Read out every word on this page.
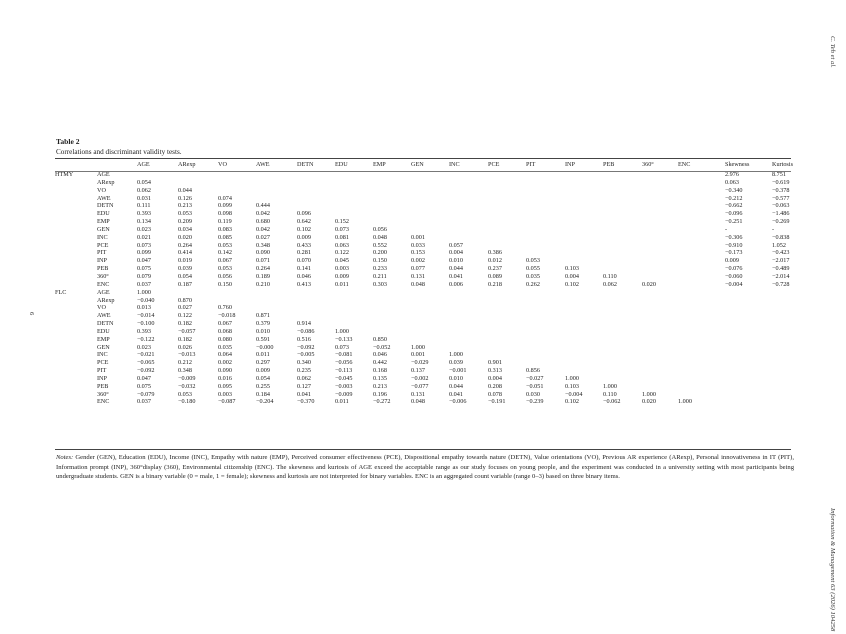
C. Teh et al.
Information & Management 63 (2026) 104258
6
Table 2
Correlations and discriminant validity tests.
		AGE	ARexp	VO	AWE	DETN	EDU	EMP	GEN	INC	PCE	PIT	INP	PEB	360°	ENC	Skewness	Kurtosis
HTMY	AGE																2.976	8.751
	ARexp	0.054															0.063	−0.619
	VO	0.062	0.044														−0.340	−0.378
	AWE	0.031	0.126	0.074													−0.212	−0.577
	DETN	0.111	0.213	0.099	0.444												−0.662	−0.063
	EDU	0.393	0.053	0.098	0.042	0.096											−0.096	−1.486
	EMP	0.134	0.209	0.119	0.680	0.642	0.152										−0.251	−0.269
	GEN	0.023	0.034	0.083	0.042	0.102	0.073	0.056									-	-
	INC	0.021	0.020	0.085	0.027	0.009	0.081	0.048	0.001								−0.306	−0.838
	PCE	0.073	0.264	0.053	0.348	0.433	0.063	0.552	0.033	0.057							−0.910	1.052
	PIT	0.099	0.414	0.142	0.090	0.281	0.122	0.200	0.153	0.004	0.386						−0.173	−0.423
	INP	0.047	0.019	0.067	0.071	0.070	0.045	0.150	0.002	0.010	0.012	0.053					0.009	−2.017
	PEB	0.075	0.039	0.053	0.264	0.141	0.003	0.233	0.077	0.044	0.237	0.055	0.103				−0.076	−0.489
	360°	0.079	0.054	0.056	0.189	0.046	0.009	0.211	0.131	0.041	0.089	0.035	0.004	0.110			−0.060	−2.014
	ENC	0.037	0.187	0.150	0.210	0.413	0.011	0.303	0.048	0.006	0.218	0.262	0.102	0.062	0.020		−0.004	−0.728
FLC	AGE	1.000																
	ARexp	−0.040	0.870															
	VO	0.013	0.027	0.760														
	AWE	−0.014	0.122	−0.018	0.871													
	DETN	−0.100	0.182	0.067	0.379	0.914												
	EDU	0.393	−0.057	0.068	0.010	−0.086	1.000											
	EMP	−0.122	0.182	0.080	0.591	0.516	−0.133	0.850										
	GEN	0.023	0.026	0.035	−0.000	−0.092	0.073	−0.052	1.000									
	INC	−0.021	−0.013	0.064	0.011	−0.005	−0.081	0.046	0.001	1.000								
	PCE	−0.065	0.212	0.002	0.297	0.340	−0.056	0.442	−0.029	0.039	0.901							
	PIT	−0.092	0.348	0.090	0.009	0.235	−0.113	0.168	0.137	−0.001	0.313	0.856						
	INP	0.047	−0.009	0.016	0.054	0.062	−0.045	0.135	−0.002	0.010	0.004	−0.027	1.000					
	PEB	0.075	−0.032	0.095	0.255	0.127	−0.003	0.213	−0.077	0.044	0.208	−0.051	0.103	1.000				
	360°	−0.079	0.053	0.003	0.184	0.041	−0.009	0.196	0.131	0.041	0.078	0.030	−0.004	0.110	1.000			
	ENC	0.037	−0.180	−0.087	−0.204	−0.370	0.011	−0.272	0.048	−0.006	−0.191	−0.239	0.102	−0.062	0.020	1.000		
Notes: Gender (GEN), Education (EDU), Income (INC), Empathy with nature (EMP), Perceived consumer effectiveness (PCE), Dispositional empathy towards nature (DETN), Value orientations (VO), Previous AR experience (ARexp), Personal innovativeness in IT (PIT), Information prompt (INP), 360°display (360), Environmental citizenship (ENC). The skewness and kurtosis of AGE exceed the acceptable range as our study focuses on young people, and the experiment was conducted in a university setting with most participants being undergraduate students. GEN is a binary variable (0 = male, 1 = female); skewness and kurtosis are not interpreted for binary variables. ENC is an aggregated count variable (range 0–3) based on three binary items.
